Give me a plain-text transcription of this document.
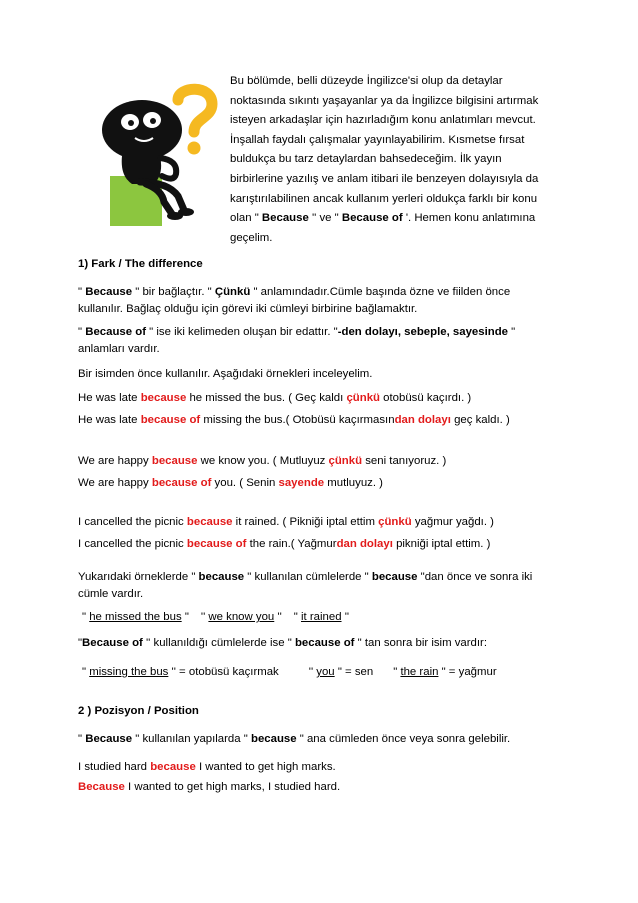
Bu bölümde, belli düzeyde İngilizce'si olup da detaylar
noktasında sıkıntı yaşayanlar ya da İngilizce bilgisini artırmak
isteyen arkadaşlar için hazırladığım konu anlatımları mevcut.
İnşallah faydalı çalışmalar yayınlayabilirim. Kısmetse fırsat
buldukça bu tarz detaylardan bahsedeceğim. İlk yayın
birbirlerine yazılış ve anlam itibari ile benzeyen dolayısıyla da
karıştırılabilinen ancak kullanım yerleri oldukça farklı bir konu
olan " Because '' ve " Because of '. Hemen konu anlatımına
geçelim.
1) Fark / The difference
" Because " bir bağlaçtır. " Çünkü " anlamındadır.Cümle başında özne ve fiilden önce
kullanılır. Bağlaç olduğu için görevi iki cümleyi birbirine bağlamaktır.
" Because of " ise iki kelimeden oluşan bir edattır. "-den dolayı, sebeple, sayesinde "
anlamları vardır.
Bir isimden önce kullanılır. Aşağıdaki örnekleri inceleyelim.
He was late because he missed the bus. ( Geç kaldı çünkü otobüsü kaçırdı. )
He was late because of missing the bus.( Otobüsü kaçırmasından dolayı geç kaldı. )
We are happy because we know you. ( Mutluyuz çünkü seni tanıyoruz. )
We are happy because of you. ( Senin sayende mutluyuz. )
I cancelled the picnic because it rained. ( Pikniği iptal ettim çünkü yağmur yağdı. )
I cancelled the picnic because of the rain.( Yağmurdan dolayı pikniği iptal ettim. )
Yukarıdaki örneklerde " because " kullanılan cümlelerde " because "dan önce ve sonra iki
cümle vardır.
" he missed the bus " '' we know you '' " it rained ''
"Because of '' kullanıldığı cümlelerde ise " because of " tan sonra bir isim vardır:
" missing the bus '' = otobüsü kaçırmak	'' you " = sen " the rain " = yağmur
2 ) Pozisyon / Position
" Because " kullanılan yapılarda " because " ana cümleden önce veya sonra gelebilir.
I studied hard because I wanted to get high marks.
Because I wanted to get high marks, I studied hard.
